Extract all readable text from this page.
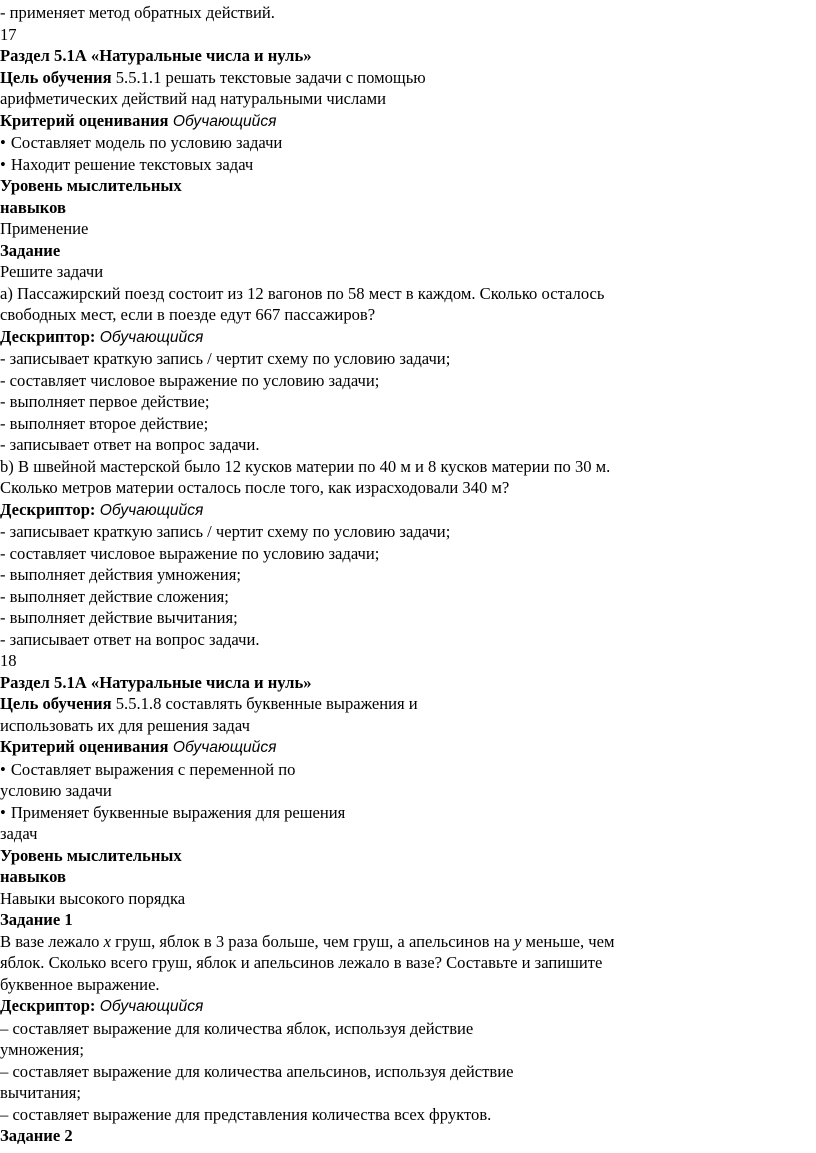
- применяет метод обратных действий.

17

Раздел 5.1А «Натуральные числа и нуль»

Цель обучения 5.5.1.1 решать текстовые задачи с помощью

арифметических действий над натуральными числами

Критерий оценивания Обучающийся

• Составляет модель по условию задачи

• Находит решение текстовых задач

Уровень мыслительных

навыков

Применение

Задание

Решите задачи

а) Пассажирский поезд состоит из 12 вагонов по 58 мест в каждом. Сколько осталось

свободных мест, если в поезде едут 667 пассажиров?

Дескриптор: Обучающийся

- записывает краткую запись / чертит схему по условию задачи;

- составляет числовое выражение по условию задачи;

- выполняет первое действие;

- выполняет второе действие;

- записывает ответ на вопрос задачи.

b) В швейной мастерской было 12 кусков материи по 40 м и 8 кусков материи по 30 м.

Сколько метров материи осталось после того, как израсходовали 340 м?

Дескриптор: Обучающийся

- записывает краткую запись / чертит схему по условию задачи;

- составляет числовое выражение по условию задачи;

- выполняет действия умножения;

- выполняет действие сложения;

- выполняет действие вычитания;

- записывает ответ на вопрос задачи.

18

Раздел 5.1А «Натуральные числа и нуль»

Цель обучения 5.5.1.8 составлять буквенные выражения и

использовать их для решения задач

Критерий оценивания Обучающийся

• Составляет выражения с переменной по

условию задачи

• Применяет буквенные выражения для решения

задач

Уровень мыслительных

навыков

Навыки высокого порядка

Задание 1

В вазе лежало x груш, яблок в 3 раза больше, чем груш, а апельсинов на y меньше, чем

яблок. Сколько всего груш, яблок и апельсинов лежало в вазе? Составьте и запишите

буквенное выражение.

Дескриптор: Обучающийся

– составляет выражение для количества яблок, используя действие

умножения;

– составляет выражение для количества апельсинов, используя действие

вычитания;

– составляет выражение для представления количества всех фруктов.

Задание 2
